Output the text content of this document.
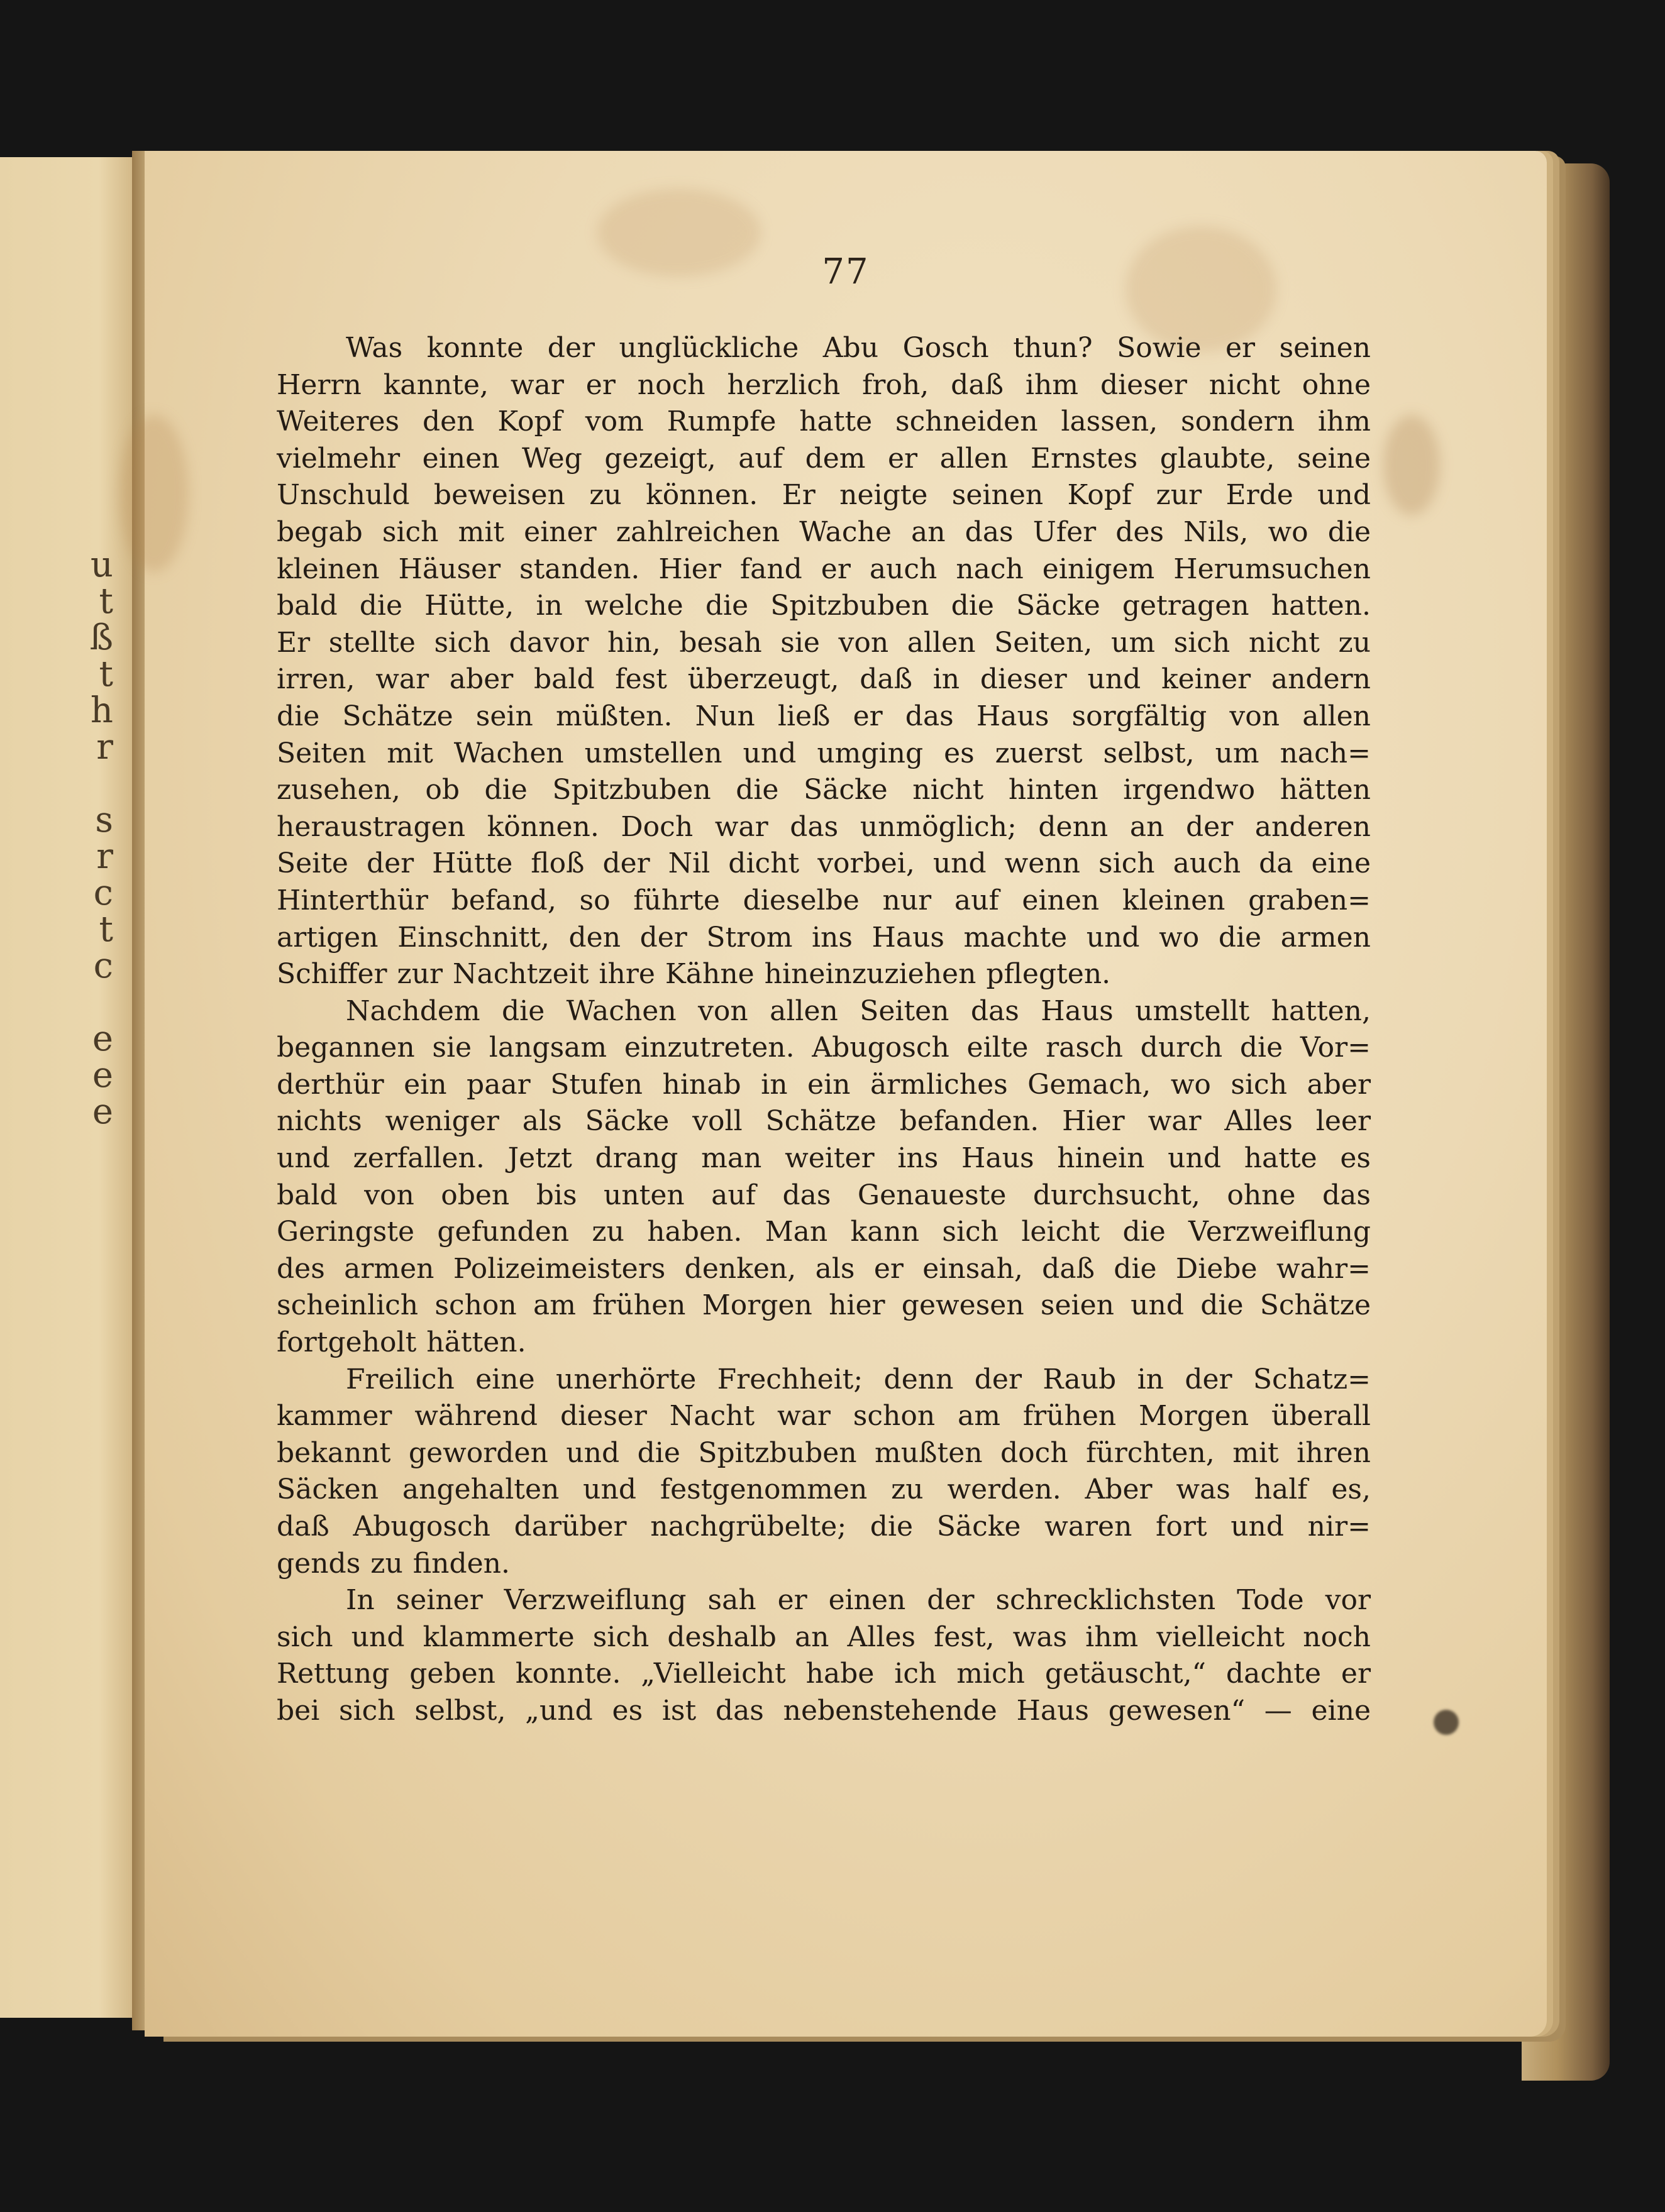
u
t
ß
t
h
r
s
r
c
t
c
e
e
e
77
Was konnte der unglückliche Abu Gosch thun? Sowie er seinen
Herrn kannte, war er noch herzlich froh, daß ihm dieser nicht ohne
Weiteres den Kopf vom Rumpfe hatte schneiden lassen, sondern ihm
vielmehr einen Weg gezeigt, auf dem er allen Ernstes glaubte, seine
Unschuld beweisen zu können. Er neigte seinen Kopf zur Erde und
begab sich mit einer zahlreichen Wache an das Ufer des Nils, wo die
kleinen Häuser standen. Hier fand er auch nach einigem Herumsuchen
bald die Hütte, in welche die Spitzbuben die Säcke getragen hatten.
Er stellte sich davor hin, besah sie von allen Seiten, um sich nicht zu
irren, war aber bald fest überzeugt, daß in dieser und keiner andern
die Schätze sein müßten. Nun ließ er das Haus sorgfältig von allen
Seiten mit Wachen umstellen und umging es zuerst selbst, um nach=
zusehen, ob die Spitzbuben die Säcke nicht hinten irgendwo hätten
heraustragen können. Doch war das unmöglich; denn an der anderen
Seite der Hütte floß der Nil dicht vorbei, und wenn sich auch da eine
Hinterthür befand, so führte dieselbe nur auf einen kleinen graben=
artigen Einschnitt, den der Strom ins Haus machte und wo die armen
Schiffer zur Nachtzeit ihre Kähne hineinzuziehen pflegten.
Nachdem die Wachen von allen Seiten das Haus umstellt hatten,
begannen sie langsam einzutreten. Abugosch eilte rasch durch die Vor=
derthür ein paar Stufen hinab in ein ärmliches Gemach, wo sich aber
nichts weniger als Säcke voll Schätze befanden. Hier war Alles leer
und zerfallen. Jetzt drang man weiter ins Haus hinein und hatte es
bald von oben bis unten auf das Genaueste durchsucht, ohne das
Geringste gefunden zu haben. Man kann sich leicht die Verzweiflung
des armen Polizeimeisters denken, als er einsah, daß die Diebe wahr=
scheinlich schon am frühen Morgen hier gewesen seien und die Schätze
fortgeholt hätten.
Freilich eine unerhörte Frechheit; denn der Raub in der Schatz=
kammer während dieser Nacht war schon am frühen Morgen überall
bekannt geworden und die Spitzbuben mußten doch fürchten, mit ihren
Säcken angehalten und festgenommen zu werden. Aber was half es,
daß Abugosch darüber nachgrübelte; die Säcke waren fort und nir=
gends zu finden.
In seiner Verzweiflung sah er einen der schrecklichsten Tode vor
sich und klammerte sich deshalb an Alles fest, was ihm vielleicht noch
Rettung geben konnte. „Vielleicht habe ich mich getäuscht,“ dachte er
bei sich selbst, „und es ist das nebenstehende Haus gewesen“ — eine
